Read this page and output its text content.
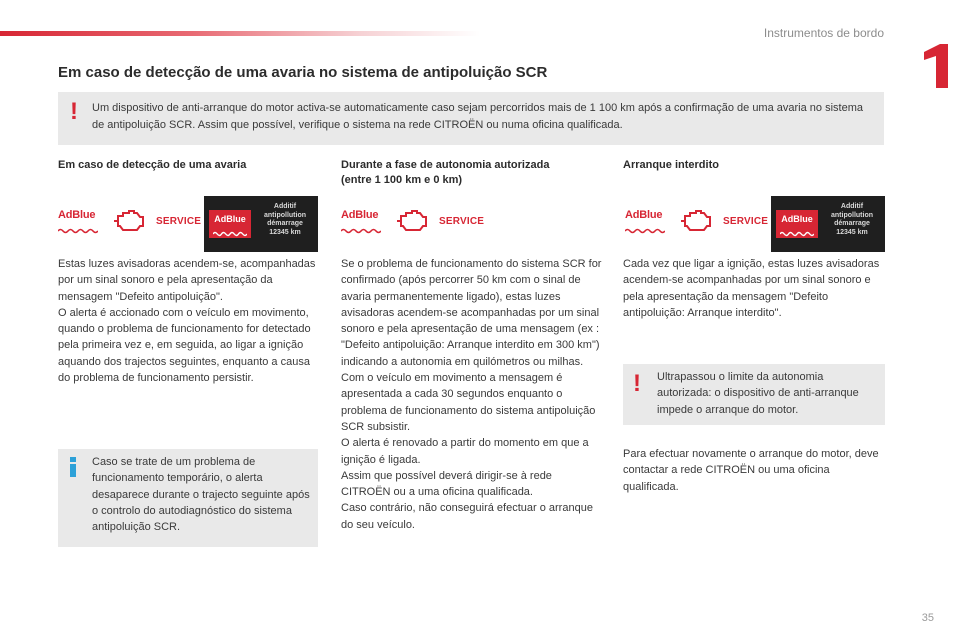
Instrumentos de bordo
Em caso de detecção de uma avaria no sistema de antipoluição SCR
! Um dispositivo de anti-arranque do motor activa-se automaticamente caso sejam percorridos mais de 1 100 km após a confirmação de uma avaria no sistema de antipoluição SCR. Assim que possível, verifique o sistema na rede CITROËN ou numa oficina qualificada.
Em caso de detecção de uma avaria
AdBlue
SERVICE	AdBlue
Additif
antipollution
démarrage
12345 km

Estas luzes avisadoras acendem-se, acompanhadas por um sinal sonoro e pela apresentação da mensagem "Defeito antipoluição".

O alerta é accionado com o veículo em movimento, quando o problema de funcionamento for detectado pela primeira vez e, em seguida, ao ligar a ignição aquando dos trajectos seguintes, enquanto a causa do problema de funcionamento persistir.

Caso se trate de um problema de funcionamento temporário, o alerta desaparece durante o trajecto seguinte após o controlo do autodiagnóstico do sistema antipoluição SCR.
Durante a fase de autonomia autorizada
(entre 1 100 km e 0 km)
AdBlue
SERVICE

Se o problema de funcionamento do sistema SCR for confirmado (após percorrer 50 km com o sinal de avaria permanentemente ligado), estas luzes avisadoras acendem-se acompanhadas por um sinal sonoro e pela apresentação de uma mensagem (ex : "Defeito antipoluição: Arranque interdito em 300 km") indicando a autonomia em quilómetros ou milhas.

Com o veículo em movimento a mensagem é apresentada a cada 30 segundos enquanto o problema de funcionamento do sistema antipoluição SCR subsistir.

O alerta é renovado a partir do momento em que a ignição é ligada.

Assim que possível deverá dirigir-se à rede CITROËN ou a uma oficina qualificada.

Caso contrário, não conseguirá efectuar o arranque do seu veículo.

Arranque interdito
AdBlue
SERVICE	AdBlue
Additif
antipollution
démarrage
12345 km
Cada vez que ligar a ignição, estas luzes avisadoras acendem-se acompanhadas por um sinal sonoro e pela apresentação da mensagem "Defeito antipoluição: Arranque interdito".
! Ultrapassou o limite da autonomia autorizada: o dispositivo de anti-arranque impede o arranque do motor.
Para efectuar novamente o arranque do motor, deve contactar a rede CITROËN ou uma oficina qualificada.
35
